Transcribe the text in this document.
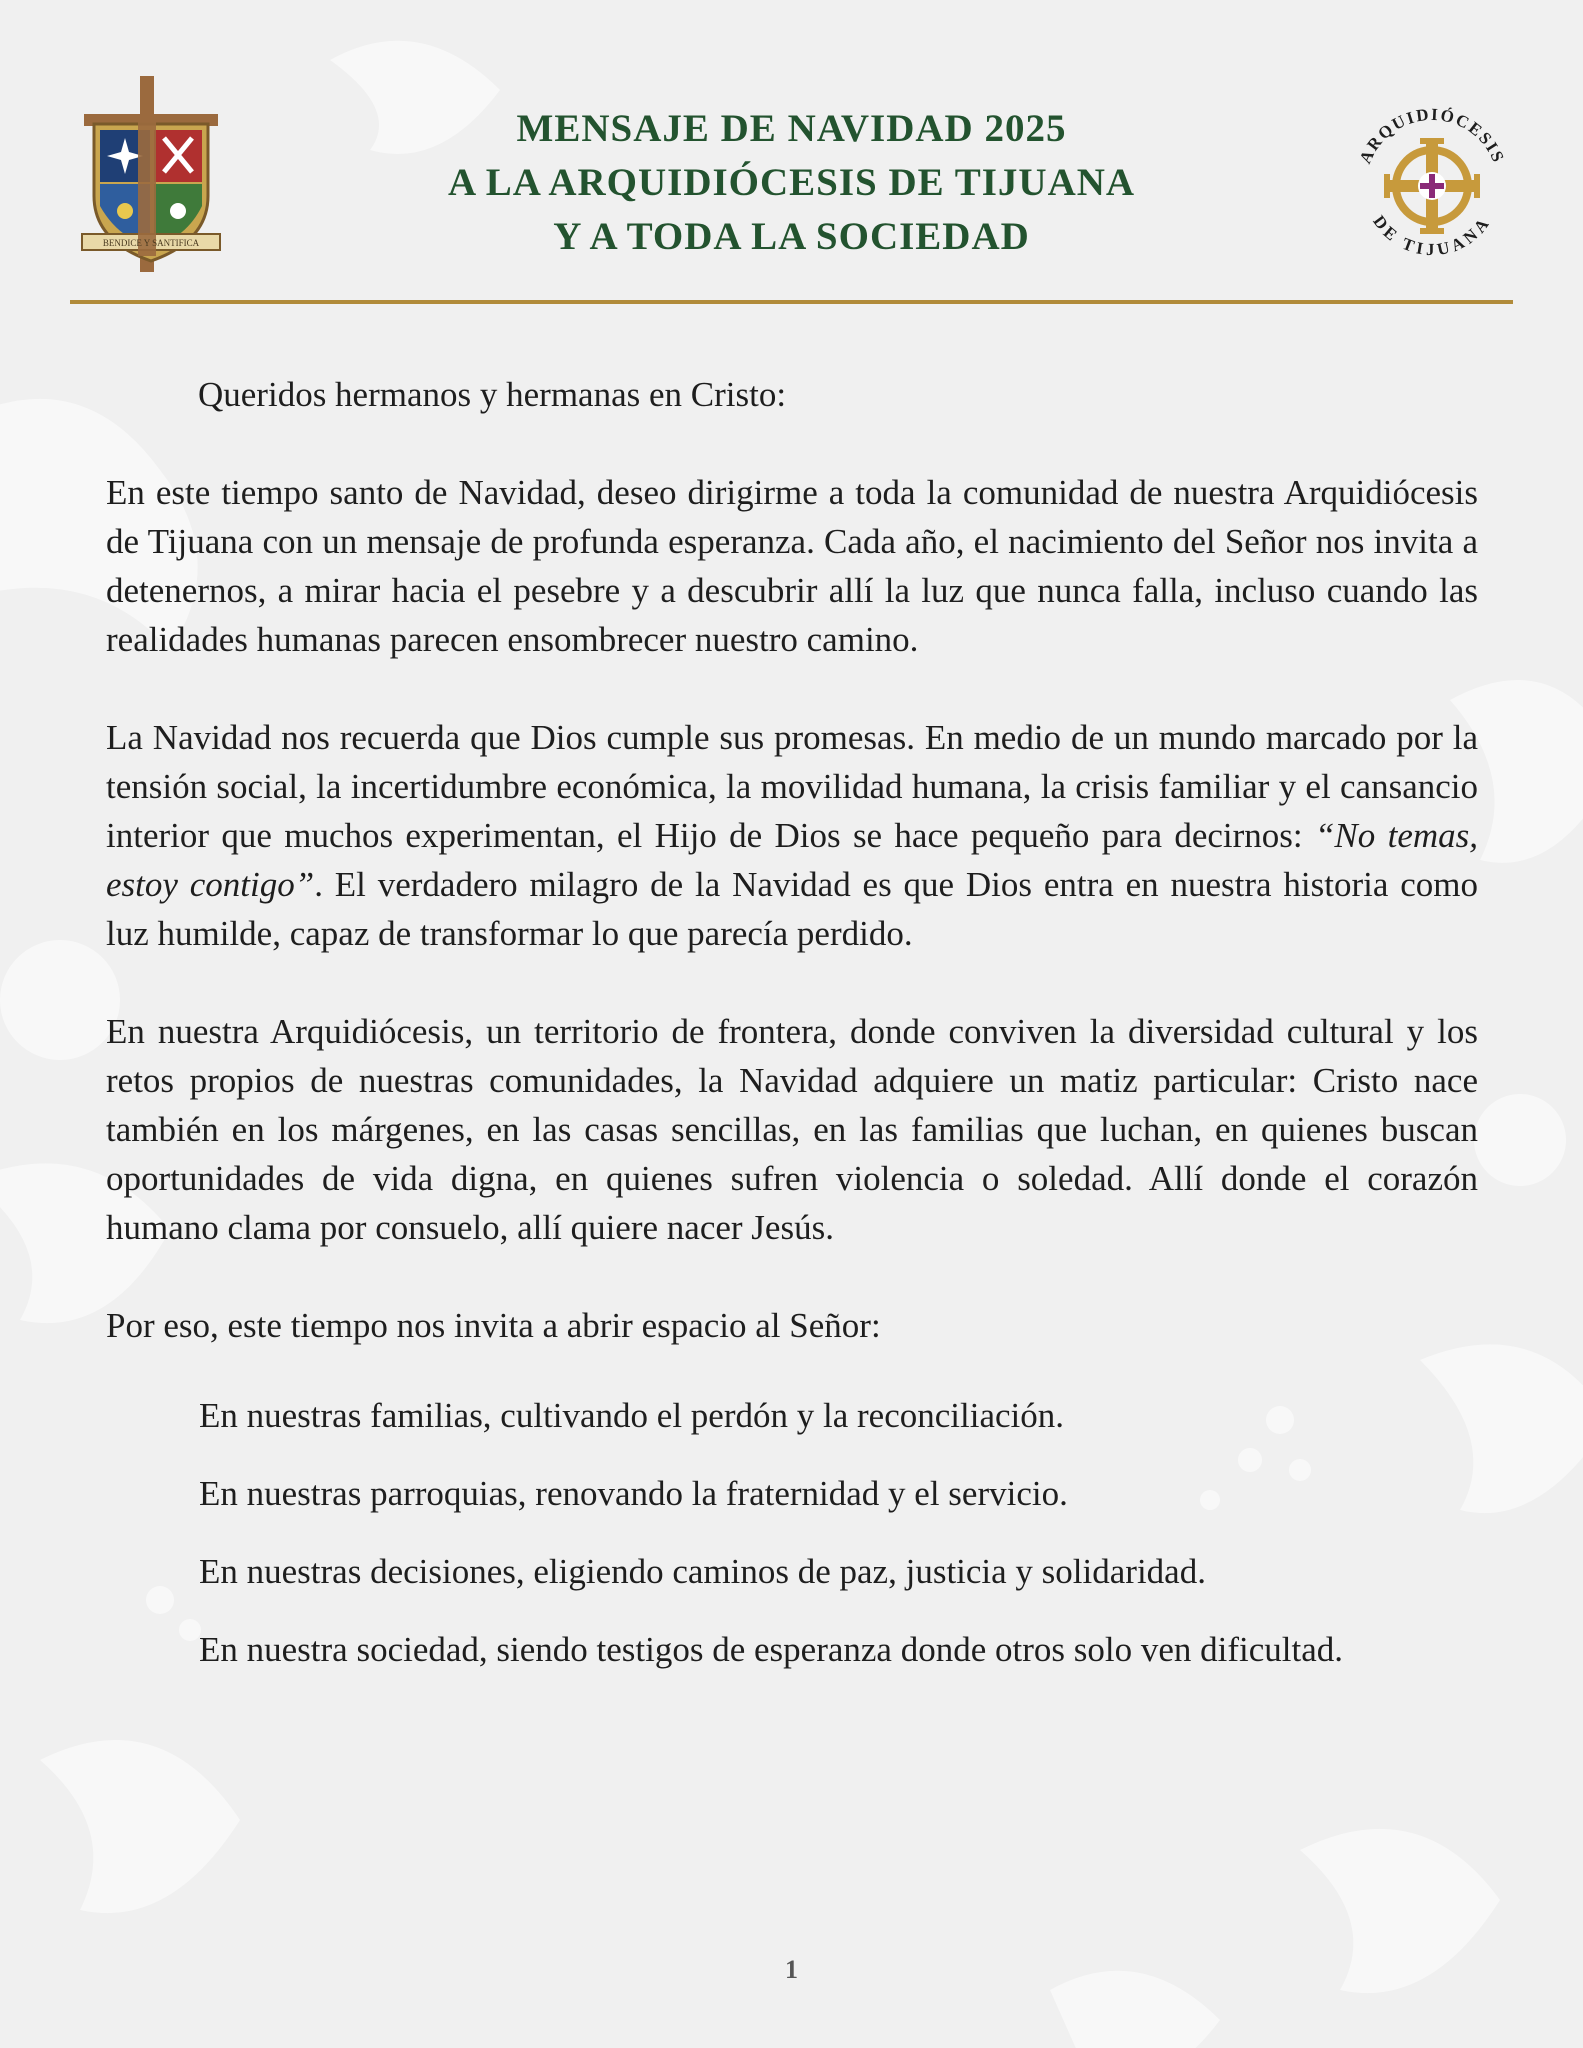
BENDICE Y SANTIFICA
MENSAJE DE NAVIDAD 2025
A LA ARQUIDIÓCESIS DE TIJUANA
Y A TODA LA SOCIEDAD
ARQUIDIÓCESIS
DE TIJUANA

Queridos hermanos y hermanas en Cristo:

En este tiempo santo de Navidad, deseo dirigirme a toda la comunidad de nuestra Arquidiócesis de Tijuana con un mensaje de profunda esperanza. Cada año, el nacimiento del Señor nos invita a detenernos, a mirar hacia el pesebre y a descubrir allí la luz que nunca falla, incluso cuando las realidades humanas parecen ensombrecer nuestro camino.

La Navidad nos recuerda que Dios cumple sus promesas. En medio de un mundo marcado por la tensión social, la incertidumbre económica, la movilidad humana, la crisis familiar y el cansancio interior que muchos experimentan, el Hijo de Dios se hace pequeño para decirnos: “No temas, estoy contigo”. El verdadero milagro de la Navidad es que Dios entra en nuestra historia como luz humilde, capaz de transformar lo que parecía perdido.

En nuestra Arquidiócesis, un territorio de frontera, donde conviven la diversidad cultural y los retos propios de nuestras comunidades, la Navidad adquiere un matiz particular: Cristo nace también en los márgenes, en las casas sencillas, en las familias que luchan, en quienes buscan oportunidades de vida digna, en quienes sufren violencia o soledad. Allí donde el corazón humano clama por consuelo, allí quiere nacer Jesús.

Por eso, este tiempo nos invita a abrir espacio al Señor:

En nuestras familias, cultivando el perdón y la reconciliación.

En nuestras parroquias, renovando la fraternidad y el servicio.

En nuestras decisiones, eligiendo caminos de paz, justicia y solidaridad.

En nuestra sociedad, siendo testigos de esperanza donde otros solo ven dificultad.

1
